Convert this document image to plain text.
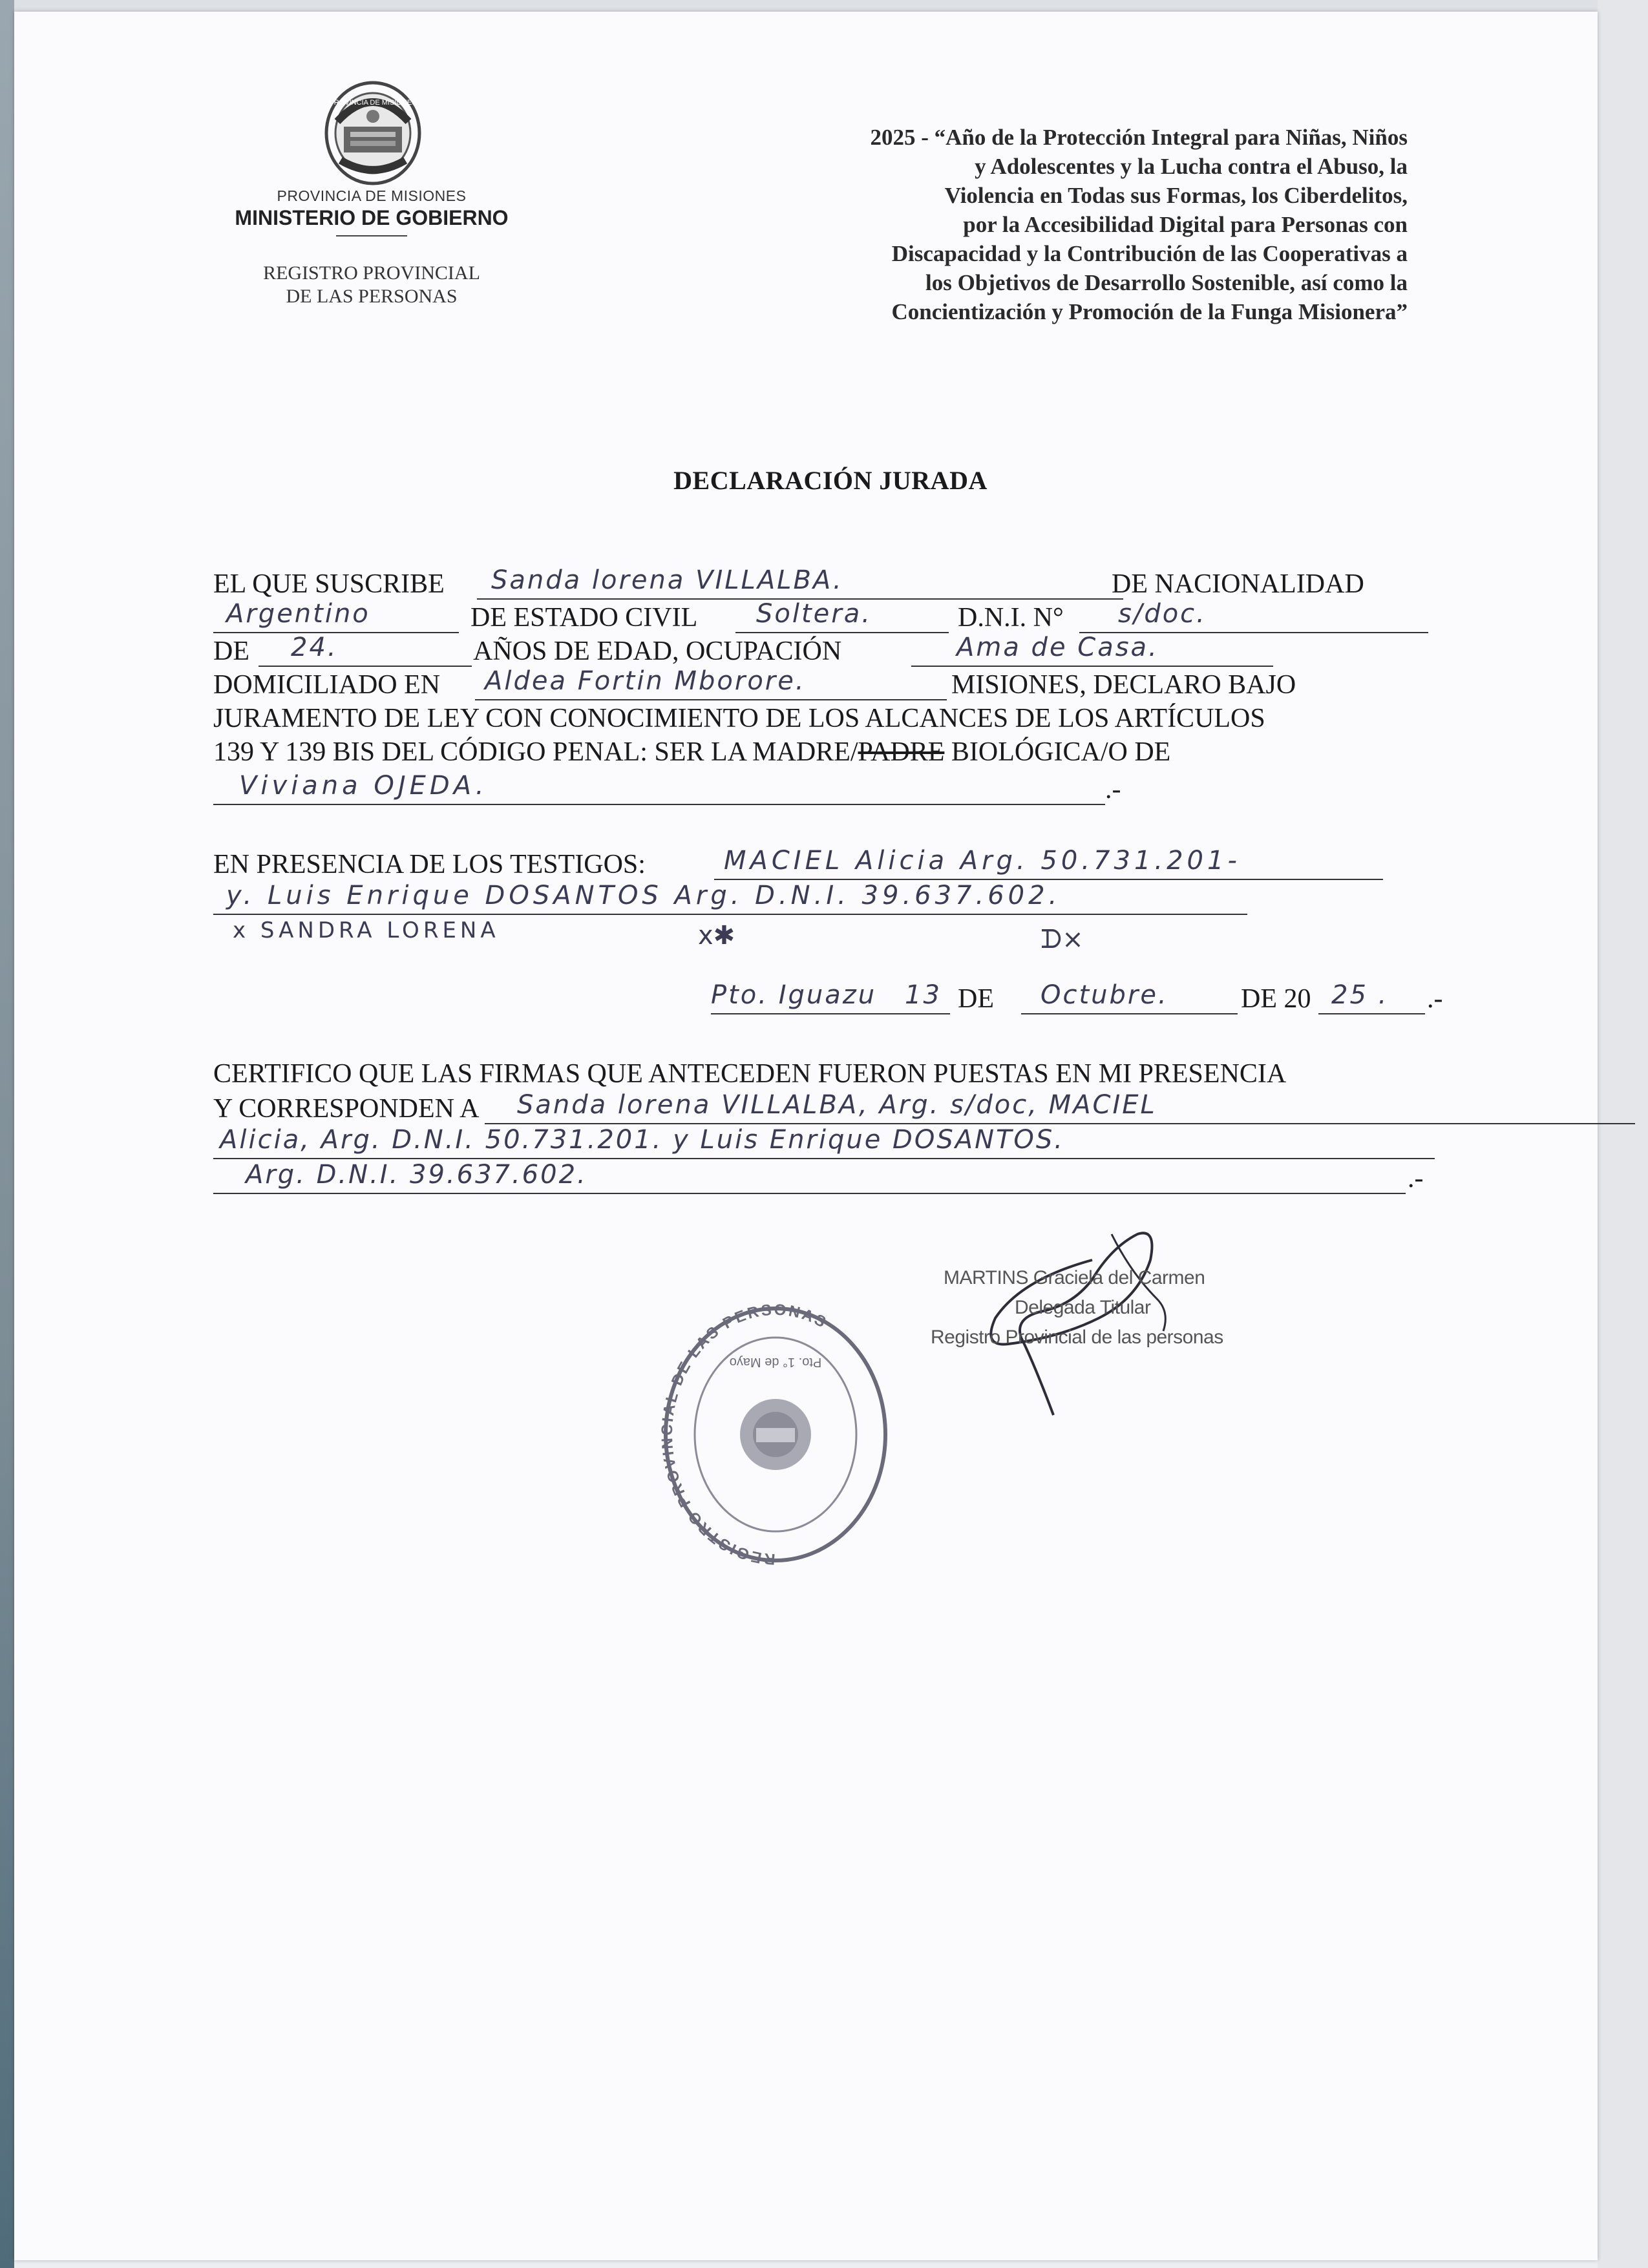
PROVINCIA DE MISIONES
PROVINCIA DE MISIONES
MINISTERIO DE GOBIERNO
REGISTRO PROVINCIAL
DE LAS PERSONAS
2025 - “Año de la Protección Integral para Niñas, Niños
y Adolescentes y la Lucha contra el Abuso, la
Violencia en Todas sus Formas, los Ciberdelitos,
por la Accesibilidad Digital para Personas con
Discapacidad y la Contribución de las Cooperativas a
los Objetivos de Desarrollo Sostenible, así como la
Concientización y Promoción de la Funga Misionera”
DECLARACIÓN JURADA
EL QUE SUSCRIBE Sanda lorena VILLALBA.	DE NACIONALIDAD
Argentino	DE ESTADO CIVIL Soltera.	D.N.I. N° s/doc.
DE 24.	AÑOS DE EDAD, OCUPACIÓN	Ama de Casa.
DOMICILIADO EN Aldea Fortin Mborore.	MISIONES, DECLARO BAJO
JURAMENTO DE LEY CON CONOCIMIENTO DE LOS ALCANCES DE LOS ARTÍCULOS
139 Y 139 BIS DEL CÓDIGO PENAL: SER LA MADRE/PADRE BIOLÓGICA/O DE
Viviana OJEDA.	.-
EN PRESENCIA DE LOS TESTIGOS:	MACIEL Alicia Arg. 50.731.201-
y. Luis Enrique DOSANTOS Arg. D.N.I. 39.637.602.
x SANDRA LORENA	x✱	ᗪ×
Pto. Iguazu 13 DE Octubre.	DE 20 25 . .-
CERTIFICO QUE LAS FIRMAS QUE ANTECEDEN FUERON PUESTAS EN MI PRESENCIA
Y CORRESPONDEN A Sanda lorena VILLALBA, Arg. s/doc, MACIEL
Alicia, Arg. D.N.I. 50.731.201. y Luis Enrique DOSANTOS.
Arg. D.N.I. 39.637.602.	.-
REGISTRO PROVINCIAL DE LAS PERSONAS
Pto. 1° de Mayo
MARTINS Graciela del Carmen
Delegada Titular
Registro Provincial de las personas
